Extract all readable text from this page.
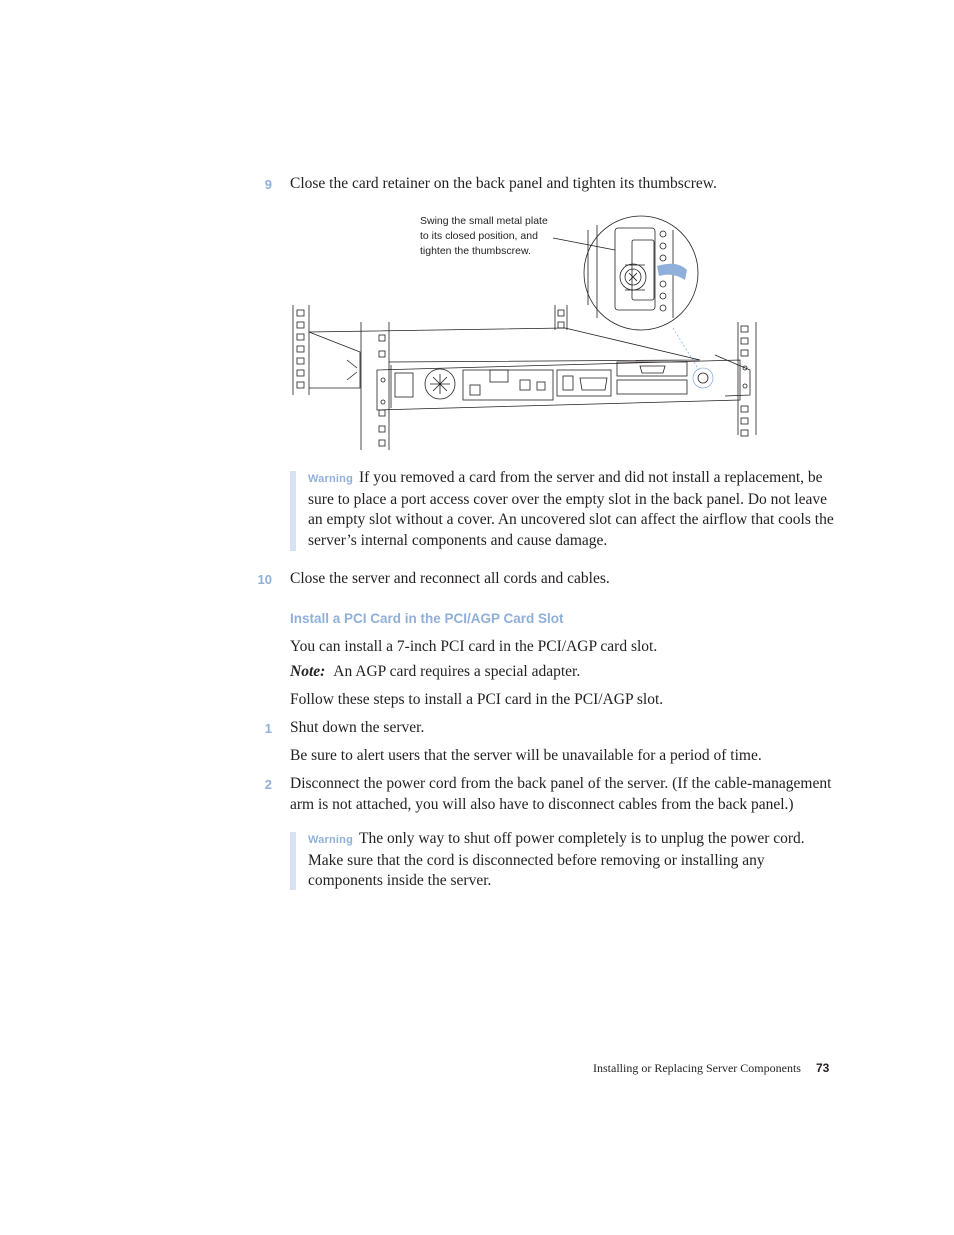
9 Close the card retainer on the back panel and tighten its thumbscrew.
Swing the small metal plate
to its closed position, and
tighten the thumbscrew.
Warning If you removed a card from the server and did not install a replacement, be sure to place a port access cover over the empty slot in the back panel. Do not leave an empty slot without a cover. An uncovered slot can affect the airflow that cools the server’s internal components and cause damage.
10 Close the server and reconnect all cords and cables.
Install a PCI Card in the PCI/AGP Card Slot
You can install a 7-inch PCI card in the PCI/AGP card slot.
Note: An AGP card requires a special adapter.
Follow these steps to install a PCI card in the PCI/AGP slot.
1 Shut down the server.
Be sure to alert users that the server will be unavailable for a period of time.
2 Disconnect the power cord from the back panel of the server. (If the cable-management arm is not attached, you will also have to disconnect cables from the back panel.)
Warning The only way to shut off power completely is to unplug the power cord. Make sure that the cord is disconnected before removing or installing any components inside the server.
Installing or Replacing Server Components 73
